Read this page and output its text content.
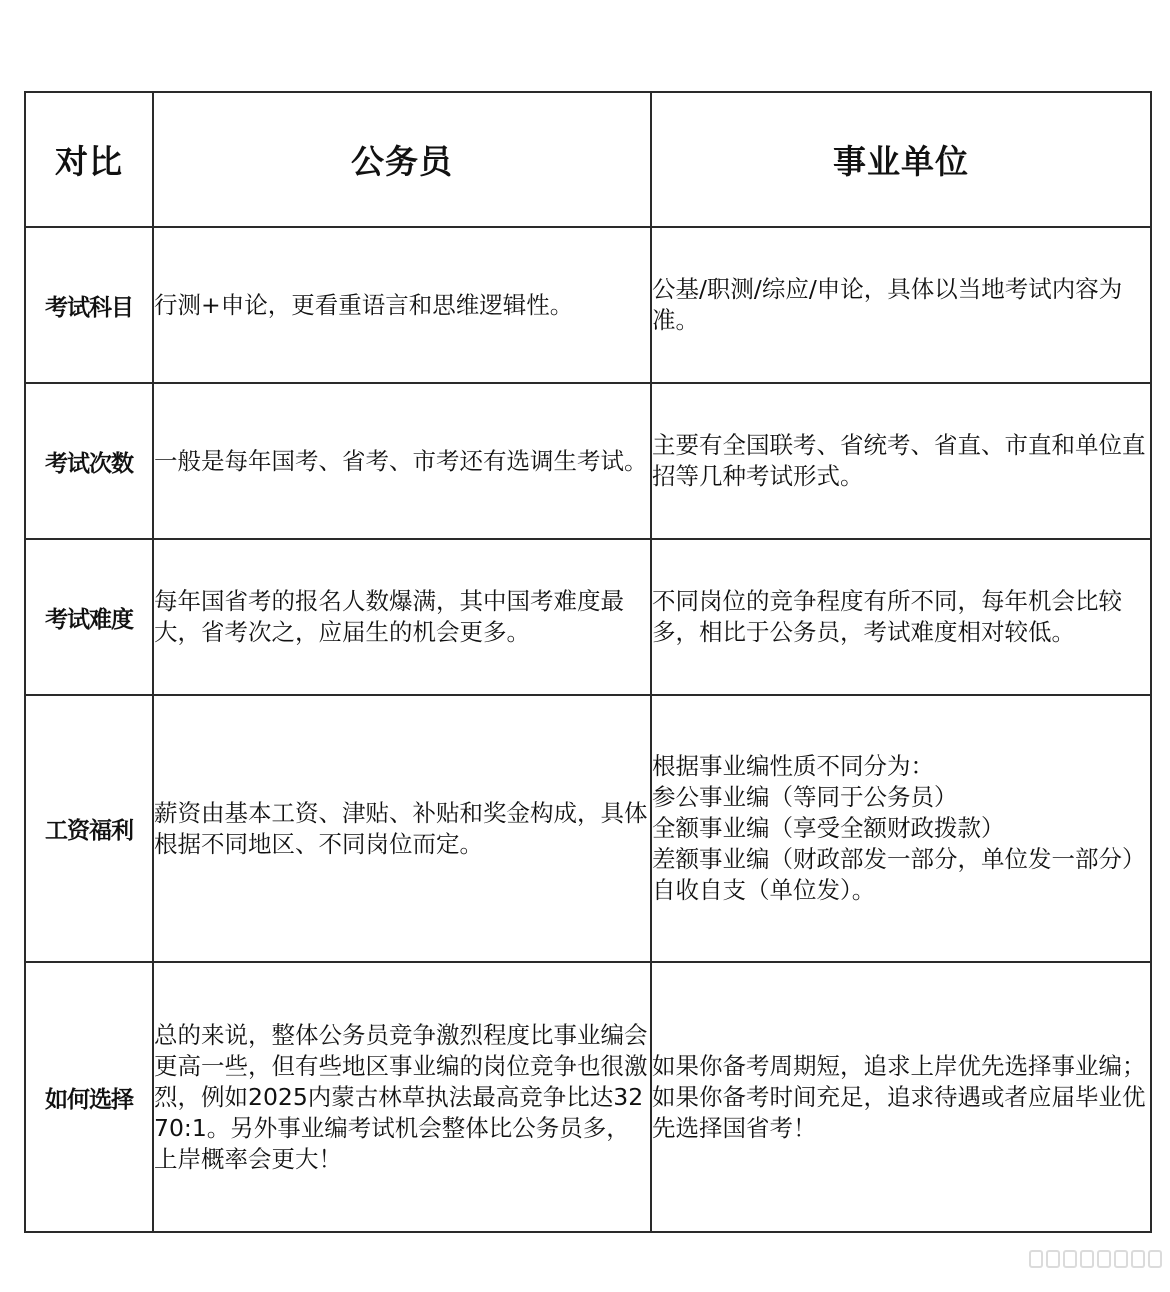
对比	公务员	事业单位
考试科目	行测+申论，更看重语言和思维逻辑性。	公基/职测/综应/申论，具体以当地考试内容为准。

考试次数	一般是每年国考、省考、市考还有选调生考试。	主要有全国联考、省统考、省直、市直和单位直招等几种考试形式。

考试难度	每年国省考的报名人数爆满，其中国考难度最大，省考次之，应届生的机会更多。	不同岗位的竞争程度有所不同，每年机会比较多，相比于公务员，考试难度相对较低。

工资福利	薪资由基本工资、津贴、补贴和奖金构成，具体根据不同地区、不同岗位而定。	根据事业编性质不同分为：
参公事业编（等同于公务员）
全额事业编（享受全额财政拨款）
差额事业编（财政部发一部分，单位发一部分）
自收自支（单位发）。

如何选择	总的来说，整体公务员竞争激烈程度比事业编会更高一些，但有些地区事业编的岗位竞争也很激烈，例如2025内蒙古林草执法最高竞争比达3270:1。另外事业编考试机会整体比公务员多，上岸概率会更大！	如果你备考周期短，追求上岸优先选择事业编；如果你备考时间充足，追求待遇或者应届毕业优先选择国省考！
